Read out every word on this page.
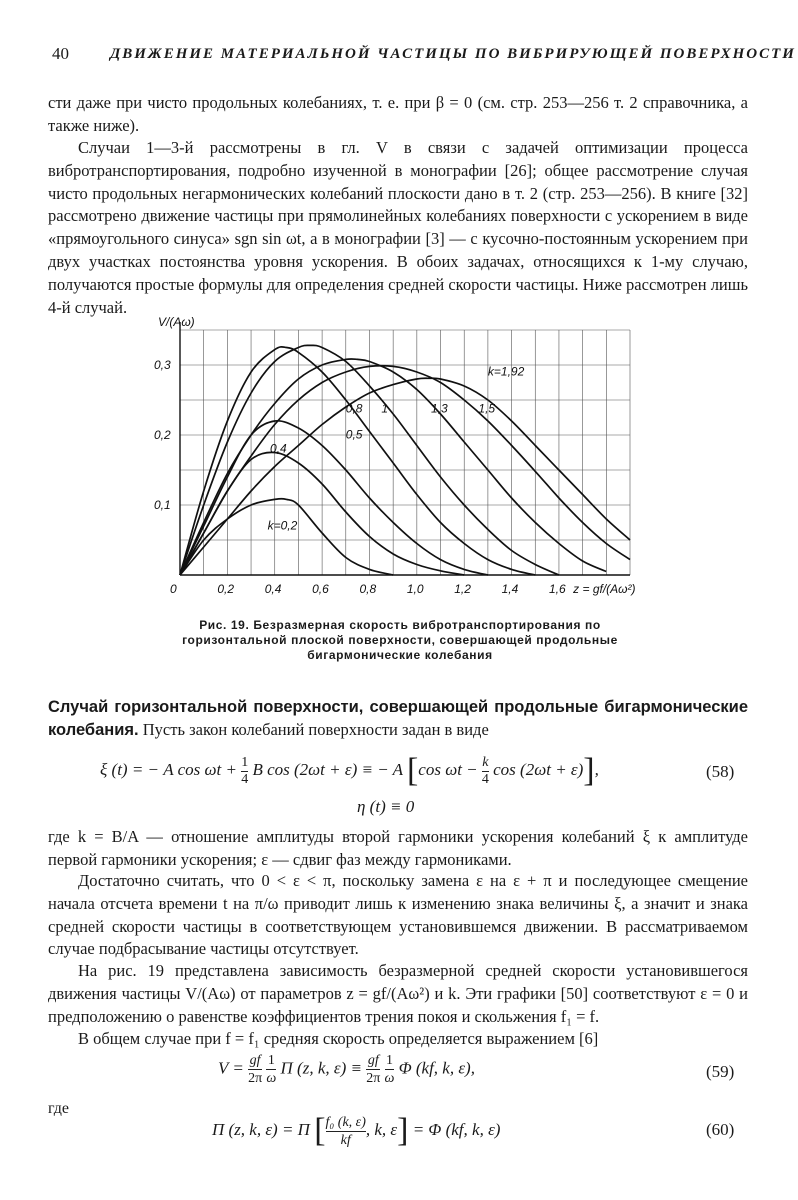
40	ДВИЖЕНИЕ МАТЕРИАЛЬНОЙ ЧАСТИЦЫ ПО ВИБРИРУЮЩЕЙ ПОВЕРХНОСТИ

сти даже при чисто продольных колебаниях, т. е. при β = 0 (см. стр. 253—256 т. 2 справочника, а также ниже).

Случаи 1—3-й рассмотрены в гл. V в связи с задачей оптимизации процесса вибротранспортирования, подробно изученной в монографии [26]; общее рассмотрение случая чисто продольных негармонических колебаний плоскости дано в т. 2 (стр. 253—256). В книге [32] рассмотрено движение частицы при прямолинейных колебаниях поверхности с ускорением в виде «прямоугольного синуса» sgn sin ωt, а в монографии [3] — с кусочно-постоянным ускорением при двух участках постоянства уровня ускорения. В обоих задачах, относящихся к 1-му случаю, получаются простые формулы для определения средней скорости частицы. Ниже рассмотрен лишь 4-й случай.

V/(Aω)
0,1
0,2
0,3
0,2	0,4	0,6	0,8	1,0	1,2	1,4	1,6
0	z = gf/(Aω²)
k=0,2
0,4
0,5
0,8 1	1,3	1,5
k=1,92
Рис. 19. Безразмерная скорость вибротранспортирования по горизонтальной плоской поверхности, совершающей продольные бигармонические колебания

Случай горизонтальной поверхности, совершающей продольные бигармонические колебания. Пусть закон колебаний поверхности задан в виде

ξ (t) = − A $\cos \omega t + \frac{1}{4}$ B cos (2ωt + ε) ≡ − A [cos $\omega t - \frac{k}{4}$ cos (2ωt + ε)],	(58)
η (t) ≡ 0

где k = B/A — отношение амплитуды второй гармоники ускорения колебаний ξ к амплитуде первой гармоники ускорения; ε — сдвиг фаз между гармониками.

Достаточно считать, что 0 < ε < π, поскольку замена ε на ε + π и последующее смещение начала отсчета времени t на π/ω приводит лишь к изменению знака величины ξ, а значит и знака средней скорости частицы в соответствующем установившемся движении. В рассматриваемом случае подбрасывание частицы отсутствует.

На рис. 19 представлена зависимость безразмерной средней скорости установившегося движения частицы V/(Aω) от параметров z = gf/(Aω²) и k. Эти графики [50] соответствуют ε = 0 и предположению о равенстве коэффициентов трения покоя и скольжения f₁ = f.

В общем случае при f = f₁ средняя скорость определяется выражением [6]

$V = \frac{gf}{2\pi}$
$\frac{1}{\omega}$ Π (z, k, $\varepsilon) \equiv \frac{gf}{2\pi}$
$\frac{1}{\omega}$ Φ (kf, k, ε),	(59)
где
Π (z, k, ε) = Π [ $\frac{\text{f₀ (k, ε)}}{kf}$ , k, ε] = Φ (kf, k, ε)	(60)
